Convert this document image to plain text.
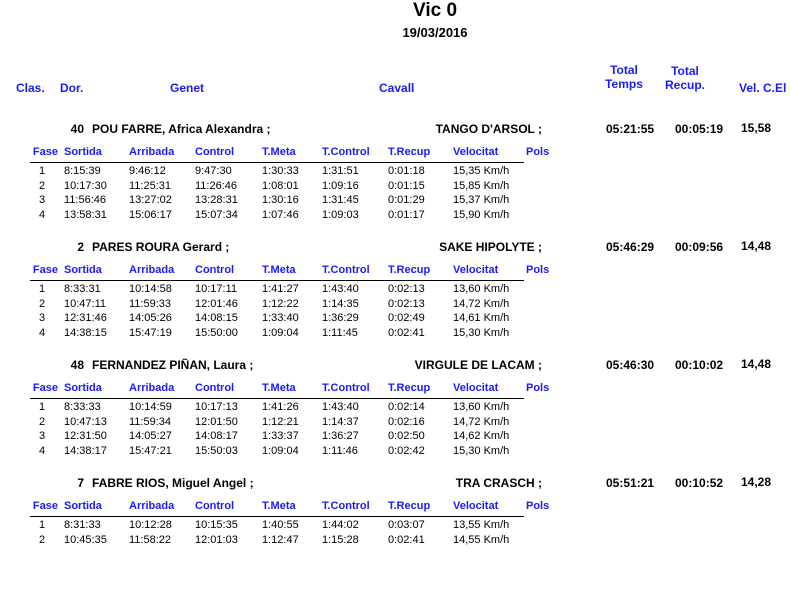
Vic 0
19/03/2016
Clas. Dor.	Genet	Cavall
Total
Temps
Total
Recup.	Vel. C.El
40 POU FARRE, Africa Alexandra ;	TANGO D'ARSOL ;	05:21:55 00:05:19 15,58
Fase Sortida Arribada Control	T.Meta T.Control T.Recup Velocitat	Pols
1	8:15:39	9:46:12	9:47:30	1:30:33 1:31:51	0:01:18	15,35 Km/h
2	10:17:30 11:25:31 11:26:46 1:08:01 1:09:16	0:01:15	15,85 Km/h
3	11:56:46 13:27:02 13:28:31 1:30:16 1:31:45	0:01:29	15,37 Km/h
4	13:58:31 15:06:17 15:07:34 1:07:46 1:09:03	0:01:17	15,90 Km/h
2 PARES ROURA Gerard ;	SAKE HIPOLYTE ;	05:46:29 00:09:56 14,48
Fase Sortida Arribada Control	T.Meta T.Control T.Recup Velocitat	Pols
1	8:33:31	10:14:58 10:17:11 1:41:27 1:43:40	0:02:13	13,60 Km/h
2	10:47:11 11:59:33 12:01:46 1:12:22 1:14:35	0:02:13	14,72 Km/h
3	12:31:46 14:05:26 14:08:15 1:33:40 1:36:29	0:02:49	14,61 Km/h
4	14:38:15 15:47:19 15:50:00 1:09:04 1:11:45	0:02:41	15,30 Km/h
48 FERNANDEZ PIÑAN, Laura ;	VIRGULE DE LACAM ;	05:46:30 00:10:02 14,48
Fase Sortida Arribada Control	T.Meta T.Control T.Recup Velocitat	Pols
1	8:33:33	10:14:59 10:17:13 1:41:26 1:43:40	0:02:14	13,60 Km/h
2	10:47:13 11:59:34 12:01:50 1:12:21 1:14:37	0:02:16	14,72 Km/h
3	12:31:50 14:05:27 14:08:17 1:33:37 1:36:27	0:02:50	14,62 Km/h
4	14:38:17 15:47:21 15:50:03 1:09:04 1:11:46	0:02:42	15,30 Km/h
7 FABRE RIOS, Miguel Angel ;	TRA CRASCH ;	05:51:21 00:10:52 14,28
Fase Sortida Arribada Control	T.Meta T.Control T.Recup Velocitat	Pols
1	8:31:33	10:12:28 10:15:35 1:40:55 1:44:02	0:03:07	13,55 Km/h
2	10:45:35 11:58:22 12:01:03 1:12:47 1:15:28	0:02:41	14,55 Km/h
